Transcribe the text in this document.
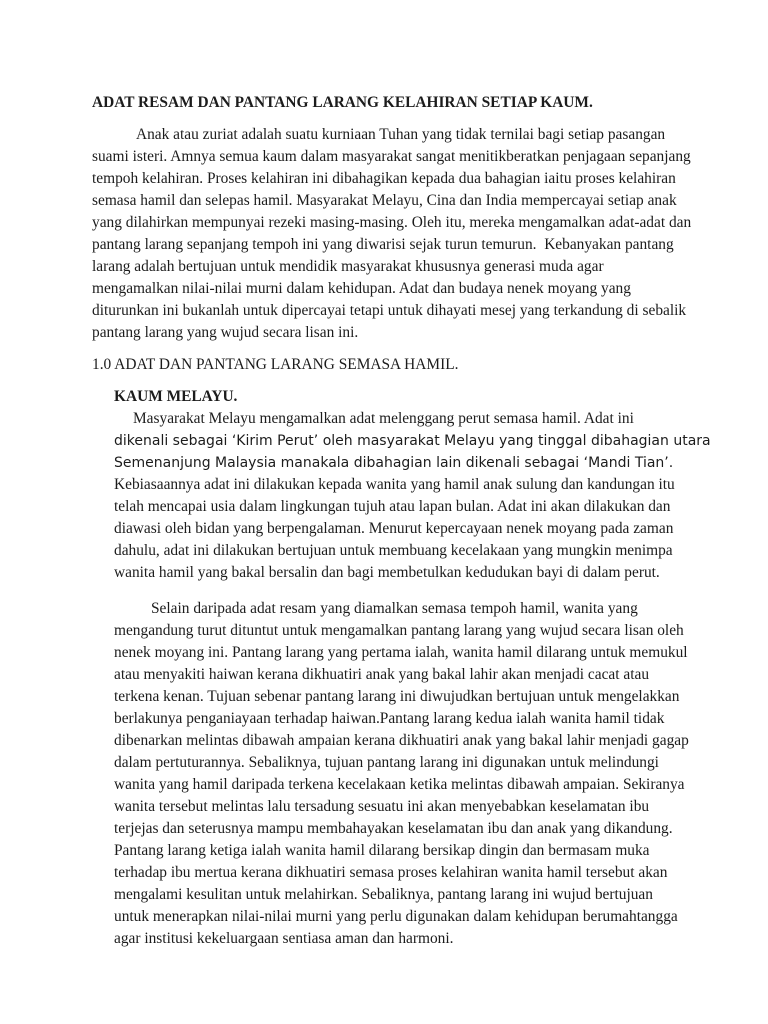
ADAT RESAM DAN PANTANG LARANG KELAHIRAN SETIAP KAUM.
Anak atau zuriat adalah suatu kurniaan Tuhan yang tidak ternilai bagi setiap pasangan
suami isteri. Amnya semua kaum dalam masyarakat sangat menitikberatkan penjagaan sepanjang
tempoh kelahiran. Proses kelahiran ini dibahagikan kepada dua bahagian iaitu proses kelahiran
semasa hamil dan selepas hamil. Masyarakat Melayu, Cina dan India mempercayai setiap anak
yang dilahirkan mempunyai rezeki masing-masing. Oleh itu, mereka mengamalkan adat-adat dan
pantang larang sepanjang tempoh ini yang diwarisi sejak turun temurun.  Kebanyakan pantang
larang adalah bertujuan untuk mendidik masyarakat khususnya generasi muda agar
mengamalkan nilai-nilai murni dalam kehidupan. Adat dan budaya nenek moyang yang
diturunkan ini bukanlah untuk dipercayai tetapi untuk dihayati mesej yang terkandung di sebalik
pantang larang yang wujud secara lisan ini.
1.0 ADAT DAN PANTANG LARANG SEMASA HAMIL.
KAUM MELAYU.
Masyarakat Melayu mengamalkan adat melenggang perut semasa hamil. Adat ini
dikenali sebagai ‘Kirim Perut’ oleh masyarakat Melayu yang tinggal dibahagian utara
Semenanjung Malaysia manakala dibahagian lain dikenali sebagai ‘Mandi Tian’.
Kebiasaannya adat ini dilakukan kepada wanita yang hamil anak sulung dan kandungan itu
telah mencapai usia dalam lingkungan tujuh atau lapan bulan. Adat ini akan dilakukan dan
diawasi oleh bidan yang berpengalaman. Menurut kepercayaan nenek moyang pada zaman
dahulu, adat ini dilakukan bertujuan untuk membuang kecelakaan yang mungkin menimpa
wanita hamil yang bakal bersalin dan bagi membetulkan kedudukan bayi di dalam perut.
Selain daripada adat resam yang diamalkan semasa tempoh hamil, wanita yang
mengandung turut dituntut untuk mengamalkan pantang larang yang wujud secara lisan oleh
nenek moyang ini. Pantang larang yang pertama ialah, wanita hamil dilarang untuk memukul
atau menyakiti haiwan kerana dikhuatiri anak yang bakal lahir akan menjadi cacat atau
terkena kenan. Tujuan sebenar pantang larang ini diwujudkan bertujuan untuk mengelakkan
berlakunya penganiayaan terhadap haiwan.Pantang larang kedua ialah wanita hamil tidak
dibenarkan melintas dibawah ampaian kerana dikhuatiri anak yang bakal lahir menjadi gagap
dalam pertuturannya. Sebaliknya, tujuan pantang larang ini digunakan untuk melindungi
wanita yang hamil daripada terkena kecelakaan ketika melintas dibawah ampaian. Sekiranya
wanita tersebut melintas lalu tersadung sesuatu ini akan menyebabkan keselamatan ibu
terjejas dan seterusnya mampu membahayakan keselamatan ibu dan anak yang dikandung.
Pantang larang ketiga ialah wanita hamil dilarang bersikap dingin dan bermasam muka
terhadap ibu mertua kerana dikhuatiri semasa proses kelahiran wanita hamil tersebut akan
mengalami kesulitan untuk melahirkan. Sebaliknya, pantang larang ini wujud bertujuan
untuk menerapkan nilai-nilai murni yang perlu digunakan dalam kehidupan berumahtangga
agar institusi kekeluargaan sentiasa aman dan harmoni.
